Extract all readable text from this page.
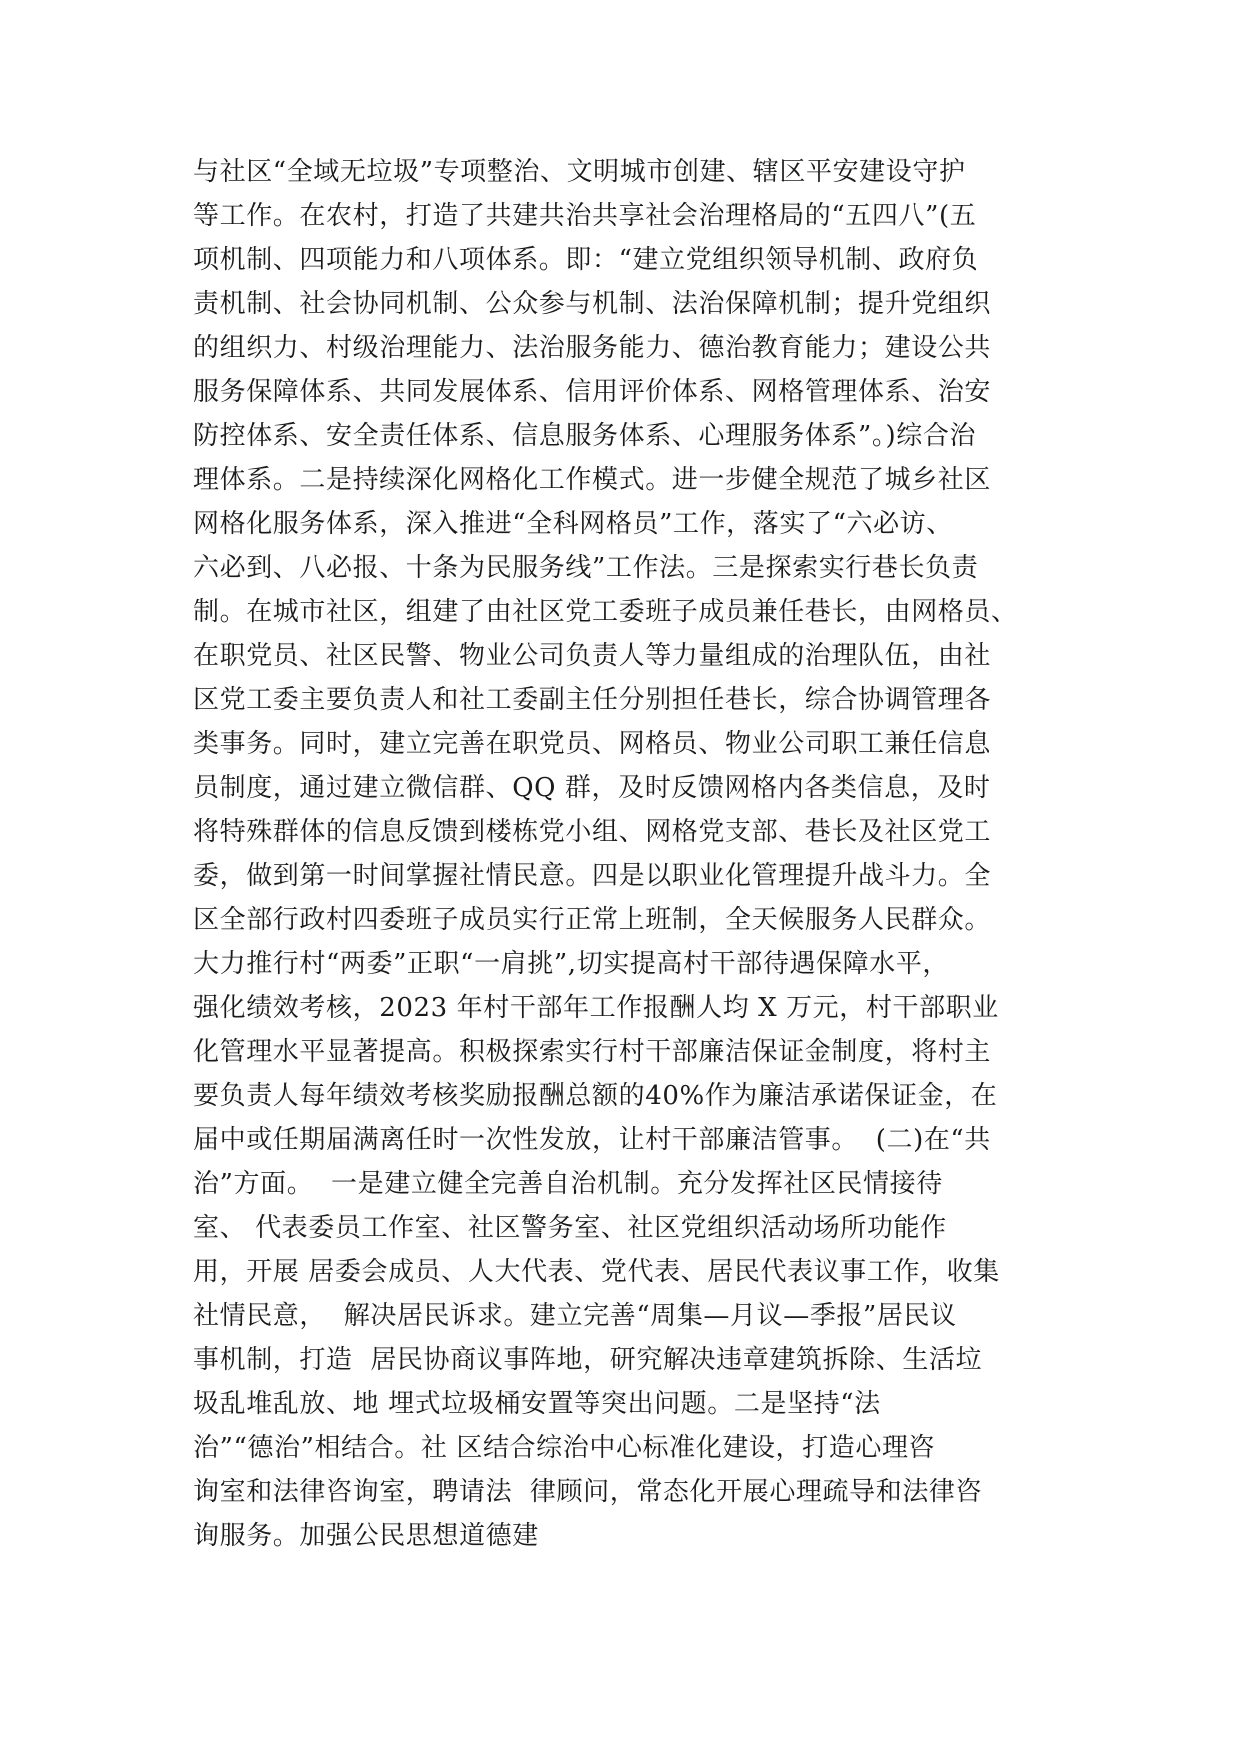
与社区“全域无垃圾”专项整治、文明城市创建、辖区平安建设守护
等工作。在农村，打造了共建共治共享社会治理格局的“五四八”(五
项机制、四项能力和八项体系。即：“建立党组织领导机制、政府负
责机制、社会协同机制、公众参与机制、法治保障机制；提升党组织
的组织力、村级治理能力、法治服务能力、德治教育能力；建设公共
服务保障体系、共同发展体系、信用评价体系、网格管理体系、治安
防控体系、安全责任体系、信息服务体系、心理服务体系”。)综合治
理体系。二是持续深化网格化工作模式。进一步健全规范了城乡社区
网格化服务体系，深入推进“全科网格员”工作，落实了“六必访、
六必到、八必报、十条为民服务线”工作法。三是探索实行巷长负责
制。在城市社区，组建了由社区党工委班子成员兼任巷长，由网格员、
在职党员、社区民警、物业公司负责人等力量组成的治理队伍，由社
区党工委主要负责人和社工委副主任分别担任巷长，综合协调管理各
类事务。同时，建立完善在职党员、网格员、物业公司职工兼任信息
员制度，通过建立微信群、QQ 群，及时反馈网格内各类信息，及时
将特殊群体的信息反馈到楼栋党小组、网格党支部、巷长及社区党工
委，做到第一时间掌握社情民意。四是以职业化管理提升战斗力。全
区全部行政村四委班子成员实行正常上班制，全天候服务人民群众。
大力推行村“两委”正职“一肩挑”,切实提高村干部待遇保障水平，
强化绩效考核，2023 年村干部年工作报酬人均 X 万元，村干部职业
化管理水平显著提高。积极探索实行村干部廉洁保证金制度，将村主
要负责人每年绩效考核奖励报酬总额的40%作为廉洁承诺保证金，在
届中或任期届满离任时一次性发放，让村干部廉洁管事。  (二)在“共
治”方面。  一是建立健全完善自治机制。充分发挥社区民情接待
室、 代表委员工作室、社区警务室、社区党组织活动场所功能作
用，开展 居委会成员、人大代表、党代表、居民代表议事工作，收集
社情民意，  解决居民诉求。建立完善“周集—月议—季报”居民议
事机制，打造  居民协商议事阵地，研究解决违章建筑拆除、生活垃
圾乱堆乱放、地 埋式垃圾桶安置等突出问题。二是坚持“法
治”“德治”相结合。社 区结合综治中心标准化建设，打造心理咨
询室和法律咨询室，聘请法  律顾问，常态化开展心理疏导和法律咨
询服务。加强公民思想道德建
